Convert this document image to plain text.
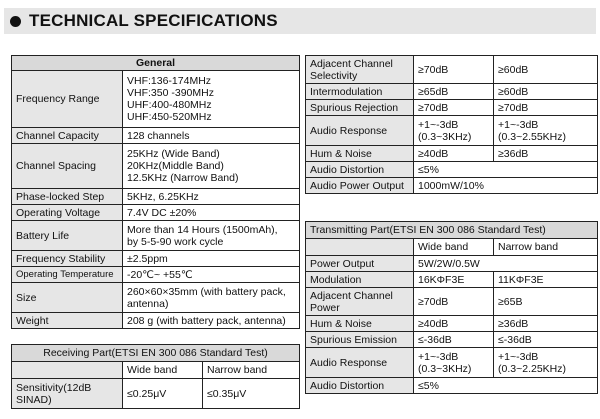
TECHNICAL SPECIFICATIONS
General	
Frequency Range	VHF:136-174MHz
VHF:350 -390MHz
UHF:400-480MHz
UHF:450-520MHz
Channel Capacity	128 channels
Channel Spacing	25KHz (Wide Band)
20KHz(Middle Band)
12.5KHz (Narrow Band)
Phase-locked Step	5KHz, 6.25KHz
Operating Voltage	7.4V DC ±20%
Battery Life	More than 14 Hours (1500mAh),
by 5-5-90 work cycle
Frequency Stability	±2.5ppm
Operating Temperature	-20℃~ +55℃
Size	260×60×35mm (with battery pack,
antenna)
Weight	208 g (with battery pack, antenna)
Receiving Part(ETSI EN 300 086 Standard Test)		
	Wide band	Narrow band
Sensitivity(12dB
SINAD)	≤0.25μV	≤0.35μV
Adjacent Channel
Selectivity	≥70dB	≥60dB
Intermodulation	≥65dB	≥60dB
Spurious Rejection	≥70dB	≥70dB
Audio Response	+1~-3dB
(0.3~3KHz)	+1~-3dB
(0.3~2.55KHz)
Hum & Noise	≥40dB	≥36dB
Audio Distortion	≤5%	
Audio Power Output	1000mW/10%	
Transmitting Part(ETSI EN 300 086 Standard Test)		
	Wide band	Narrow band
Power Output	5W/2W/0.5W	
Modulation	16KΦF3E	11KΦF3E
Adjacent Channel
Power	≥70dB	≥65B
Hum & Noise	≥40dB	≥36dB
Spurious Emission	≤-36dB	≤-36dB
Audio Response	+1~-3dB
(0.3~3KHz)	+1~-3dB
(0.3~2.25KHz)
Audio Distortion	≤5%	
